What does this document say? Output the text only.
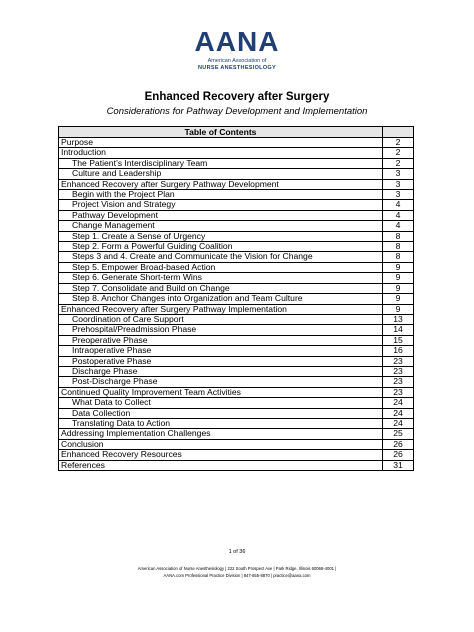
AANA
American Association of
NURSE ANESTHESIOLOGY
Enhanced Recovery after Surgery
Considerations for Pathway Development and Implementation
Table of Contents	
Purpose	2
Introduction	2
The Patient’s Interdisciplinary Team	2
Culture and Leadership	3
Enhanced Recovery after Surgery Pathway Development	3
Begin with the Project Plan	3
Project Vision and Strategy	4
Pathway Development	4
Change Management	4
Step 1. Create a Sense of Urgency	8
Step 2. Form a Powerful Guiding Coalition	8
Steps 3 and 4. Create and Communicate the Vision for Change	8
Step 5. Empower Broad-based Action	9
Step 6. Generate Short-term Wins	9
Step 7. Consolidate and Build on Change	9
Step 8. Anchor Changes into Organization and Team Culture	9
Enhanced Recovery after Surgery Pathway Implementation	9
Coordination of Care Support	13
Prehospital/Preadmission Phase	14
Preoperative Phase	15
Intraoperative Phase	16
Postoperative Phase	23
Discharge Phase	23
Post-Discharge Phase	23
Continued Quality Improvement Team Activities	23
What Data to Collect	24
Data Collection	24
Translating Data to Action	24
Addressing Implementation Challenges	25
Conclusion	26
Enhanced Recovery Resources	26
References	31
1 of 36
American Association of Nurse Anesthesiology | 222 South Prospect Ave | Park Ridge, Illinois 60068-4001 |
AANA.com Professional Practice Division | 847-655-8870 | practice@aana.com
